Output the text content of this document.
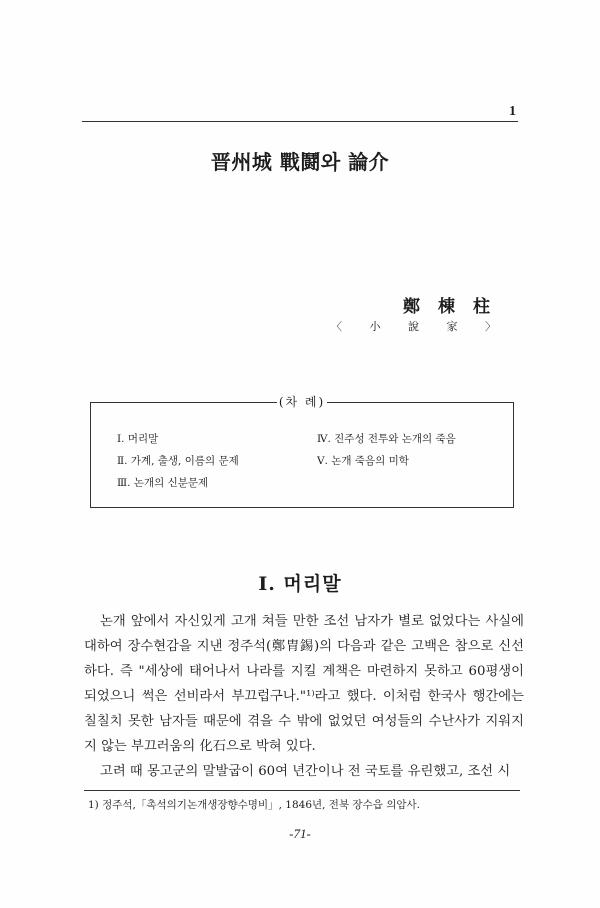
1
晋州城 戰鬪와 論介
鄭棟柱
〈 小 說 家 〉
(차 례)
Ⅰ. 머리말
Ⅱ. 가계, 출생, 이름의 문제
Ⅲ. 논개의 신분문제
Ⅳ. 진주성 전투와 논개의 죽음
Ⅴ. 논개 죽음의 미학
Ⅰ. 머리말

논개 앞에서 자신있게 고개 쳐들 만한 조선 남자가 별로 없었다는 사실에 대하여 장수현감을 지낸 정주석(鄭胄錫)의 다음과 같은 고백은 참으로 신선하다. 즉 "세상에 태어나서 나라를 지킬 계책은 마련하지 못하고 60평생이 되었으니 썩은 선비라서 부끄럽구나."¹⁾라고 했다. 이처럼 한국사 행간에는 칠칠치 못한 남자들 때문에 겪을 수 밖에 없었던 여성들의 수난사가 지워지지 않는 부끄러움의 化石으로 박혀 있다.

고려 때 몽고군의 말발굽이 60여 년간이나 전 국토를 유린했고, 조선 시

1) 정주석,「촉석의기논개생장향수명비」, 1846년, 전북 장수읍 의암사.
-71-
